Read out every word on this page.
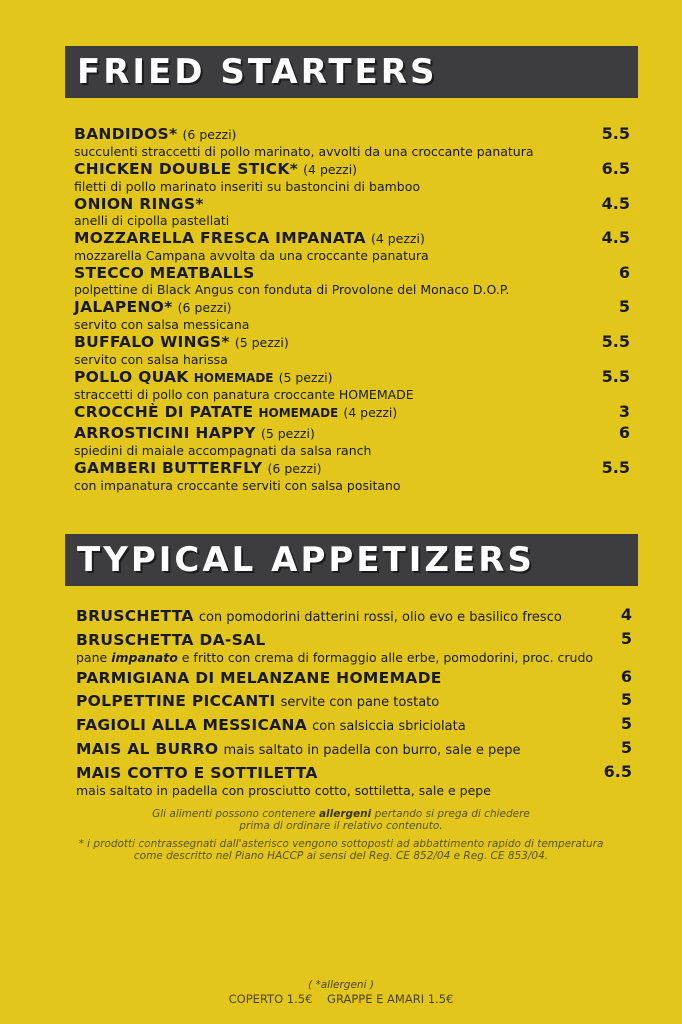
FRIED STARTERS
BANDIDOS* (6 pezzi)
succulenti straccetti di pollo marinato, avvolti da una croccante panatura
5.5
CHICKEN DOUBLE STICK* (4 pezzi)
filetti di pollo marinato inseriti su bastoncini di bamboo
6.5
ONION RINGS*
anelli di cipolla pastellati
4.5
MOZZARELLA FRESCA IMPANATA (4 pezzi)
mozzarella Campana avvolta da una croccante panatura
4.5
STECCO MEATBALLS
polpettine di Black Angus con fonduta di Provolone del Monaco D.O.P.
6
JALAPENO* (6 pezzi)
servito con salsa messicana
5
BUFFALO WINGS* (5 pezzi)
servito con salsa harissa
5.5
POLLO QUAK HOMEMADE (5 pezzi)
straccetti di pollo con panatura croccante HOMEMADE
5.5
CROCCHÈ DI PATATE HOMEMADE (4 pezzi)	3
ARROSTICINI HAPPY (5 pezzi)
spiedini di maiale accompagnati da salsa ranch
6
GAMBERI BUTTERFLY (6 pezzi)
con impanatura croccante serviti con salsa positano
5.5
TYPICAL APPETIZERS
BRUSCHETTA con pomodorini datterini rossi, olio evo e basilico fresco	4
BRUSCHETTA DA-SAL
pane impanato e fritto con crema di formaggio alle erbe, pomodorini, proc. crudo
5
PARMIGIANA DI MELANZANE HOMEMADE	6
POLPETTINE PICCANTI servite con pane tostato	5
FAGIOLI ALLA MESSICANA con salsiccia sbriciolata	5
MAIS AL BURRO mais saltato in padella con burro, sale e pepe	5
MAIS COTTO E SOTTILETTA
mais saltato in padella con prosciutto cotto, sottiletta, sale e pepe
6.5

Gli alimenti possono contenere allergeni pertando si prega di chiedere
prima di ordinare il relativo contenuto.

* i prodotti contrassegnati dall'asterisco vengono sottoposti ad abbattimento rapido di temperatura
come descritto nel Piano HACCP ai sensi del Reg. CE 852/04 e Reg. CE 853/04.

( *allergeni )
COPERTO 1.5€ GRAPPE E AMARI 1.5€
